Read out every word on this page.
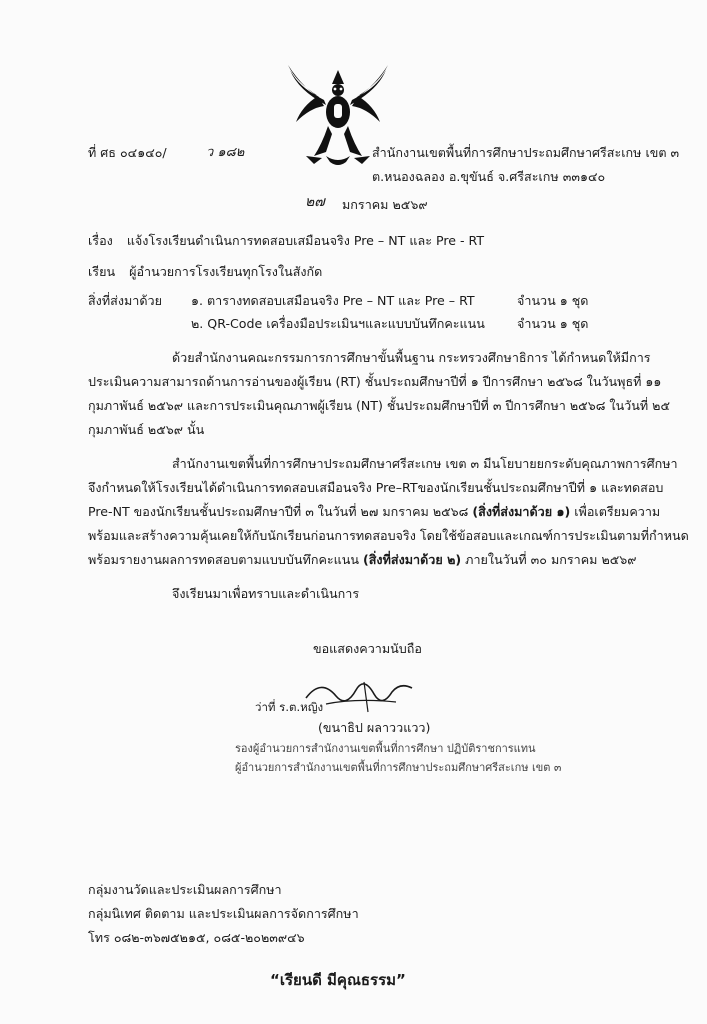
ที่ ศธ ๐๔๑๔๐/	ว ๑๘๒	สำนักงานเขตพื้นที่การศึกษาประถมศึกษาศรีสะเกษ เขต ๓
ต.หนองฉลอง อ.ขุขันธ์ จ.ศรีสะเกษ ๓๓๑๔๐
๒๗ มกราคม ๒๕๖๙
เรื่อง แจ้งโรงเรียนดำเนินการทดสอบเสมือนจริง Pre – NT และ Pre - RT
เรียน ผู้อำนวยการโรงเรียนทุกโรงในสังกัด
สิ่งที่ส่งมาด้วย ๑. ตารางทดสอบเสมือนจริง Pre – NT และ Pre – RT	จำนวน ๑ ชุด
๒. QR-Code เครื่องมือประเมินฯและแบบบันทึกคะแนน	จำนวน ๑ ชุด
ด้วยสำนักงานคณะกรรมการการศึกษาขั้นพื้นฐาน กระทรวงศึกษาธิการ ได้กำหนดให้มีการ
ประเมินความสามารถด้านการอ่านของผู้เรียน (RT) ชั้นประถมศึกษาปีที่ ๑ ปีการศึกษา ๒๕๖๘ ในวันพุธที่ ๑๑
กุมภาพันธ์ ๒๕๖๙ และการประเมินคุณภาพผู้เรียน (NT) ชั้นประถมศึกษาปีที่ ๓ ปีการศึกษา ๒๕๖๘ ในวันที่ ๒๕
กุมภาพันธ์ ๒๕๖๙ นั้น
สำนักงานเขตพื้นที่การศึกษาประถมศึกษาศรีสะเกษ เขต ๓ มีนโยบายยกระดับคุณภาพการศึกษา
จึงกำหนดให้โรงเรียนได้ดำเนินการทดสอบเสมือนจริง Pre–RTของนักเรียนชั้นประถมศึกษาปีที่ ๑ และทดสอบ
Pre-NT ของนักเรียนชั้นประถมศึกษาปีที่ ๓ ในวันที่ ๒๗ มกราคม ๒๕๖๘ (สิ่งที่ส่งมาด้วย ๑) เพื่อเตรียมความ
พร้อมและสร้างความคุ้นเคยให้กับนักเรียนก่อนการทดสอบจริง โดยใช้ข้อสอบและเกณฑ์การประเมินตามที่กำหนด
พร้อมรายงานผลการทดสอบตามแบบบันทึกคะแนน (สิ่งที่ส่งมาด้วย ๒) ภายในวันที่ ๓๐ มกราคม ๒๕๖๙
จึงเรียนมาเพื่อทราบและดำเนินการ
ขอแสดงความนับถือ
ว่าที่ ร.ต.หญิง
(ขนาธิป ผลาววแวว)
รองผู้อำนวยการสำนักงานเขตพื้นที่การศึกษา ปฏิบัติราชการแทน
ผู้อำนวยการสำนักงานเขตพื้นที่การศึกษาประถมศึกษาศรีสะเกษ เขต ๓
กลุ่มงานวัดและประเมินผลการศึกษา
กลุ่มนิเทศ ติดตาม และประเมินผลการจัดการศึกษา
โทร ๐๘๒-๓๖๗๕๒๑๕, ๐๘๕-๒๐๒๓๙๔๖
“เรียนดี มีคุณธรรม”
